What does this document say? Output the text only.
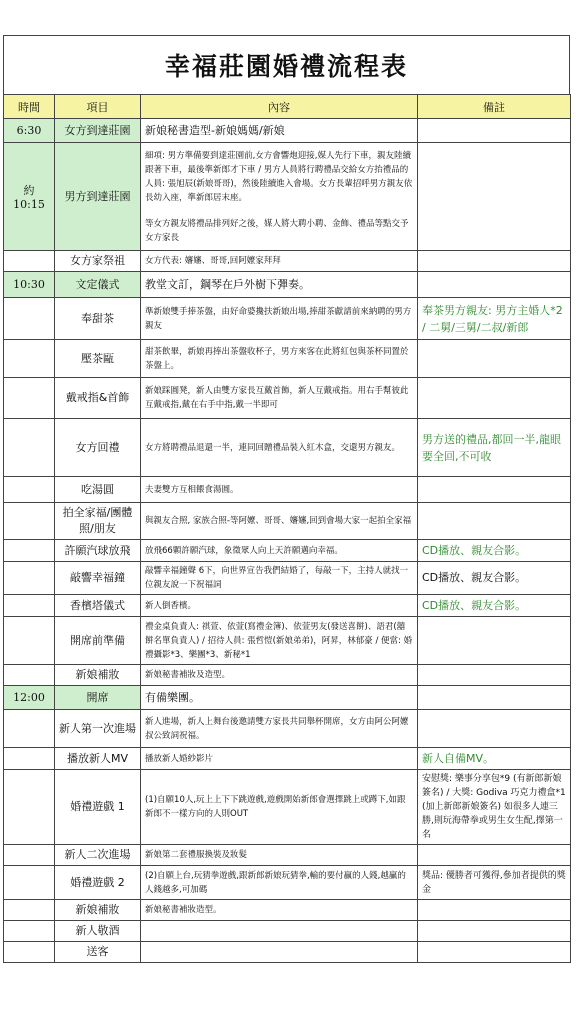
幸福莊園婚禮流程表
時間	項目	內容	備註
6:30	女方到達莊園	新娘秘書造型-新娘媽媽/新娘	

約 10:15	男方到達莊園	細項: 男方準備要到達莊園前,女方會響炮迎接,媒人先行下車，親友陸續跟著下車，最後準新郎才下車 / 男方人員將行聘禮品交給女方抬禮品的人員: 張旭辰(新娘哥哥)，然後陸續進入會場。女方長輩招呼男方親友依長幼入座，準新郎居末座。
等女方親友將禮品排列好之後，媒人將大聘小聘、金飾、禮品等點交予女方家長	

	女方家祭祖	女方代表: 嬸嬸、哥哥,回阿嬤家拜拜	

10:30	文定儀式	教堂文訂，鋼琴在戶外樹下彈奏。	

	奉甜茶	準新娘雙手捧茶盤，由好命婆攙扶新娘出場,捧甜茶獻請前來納聘的男方親友	奉茶男方親友: 男方主婚人*2 / 二舅/三舅/二叔/新郎
	壓茶甌	甜茶飲畢，新娘再捧出茶盤收杯子，男方來客在此將紅包與茶杯同置於茶盤上。	

	戴戒指&首飾	新娘踩圓凳，新人由雙方家長互戴首飾，新人互戴戒指。用右手幫彼此互戴戒指,戴在右手中指,戴一半即可	

	女方回禮	女方將聘禮品退還一半，連同回贈禮品裝入紅木盒，交還男方親友。	男方送的禮品,都回一半,龍眼要全回,不可收
	吃湯圓	夫妻雙方互相餵食湯圓。	

	拍全家福/團體照/朋友	與親友合照, 家族合照-等阿嬤、哥哥、嬸嬸,回到會場大家一起拍全家福	

	許願汽球放飛	放飛66顆許願汽球，象徵眾人向上天許願邁向幸福。	CD播放、親友合影。
	敲響幸福鐘	敲響幸福鐘聲 6下，向世界宣告我們結婚了，每敲一下，主持人就找一位親友說一下祝福詞	CD播放、親友合影。
	香檳塔儀式	新人倒香檳。	CD播放、親友合影。
	開席前準備	禮金桌負責人: 祺萱、依萱(寫禮金簿)、依萱男友(發送喜餅)、語君(囍餅名單負責人) / 招待人員: 張哲愷(新娘弟弟)，阿昇，林郁豪 / 便當: 婚禮攝影*3、樂團*3、新秘*1	

	新娘補妝	新娘秘書補妝及造型。	

12:00	開席	有備樂團。	

	新人第一次進場	新人進場，新人上舞台後邀請雙方家長共同舉杯開席，女方由阿公阿嬤叔公致詞祝福。	

	播放新人MV	播放新人婚紗影片	新人自備MV。
	婚禮遊戲 1	(1)自願10人,玩上上下下跳遊戲,遊戲開始新郎會選擇跳上或蹲下,如跟新郎不一樣方向的人則OUT	安慰獎: 樂事分享包*9 (有新郎新娘簽名) / 大獎: Godiva 巧克力禮盒*1 (加上新郎新娘簽名) 如很多人連三勝,則玩海帶拳或男生女生配,擇第一名
	新人二次進場	新娘第二套禮服換裝及妝髮	

	婚禮遊戲 2	(2)自願上台,玩猜拳遊戲,跟新郎新娘玩猜拳,輸的要付贏的人錢,越贏的人錢越多,可加碼	獎品: 優勝者可獲得,參加者提供的獎金
	新娘補妝	新娘秘書補妝造型。	

	新人敬酒	

	送客	
